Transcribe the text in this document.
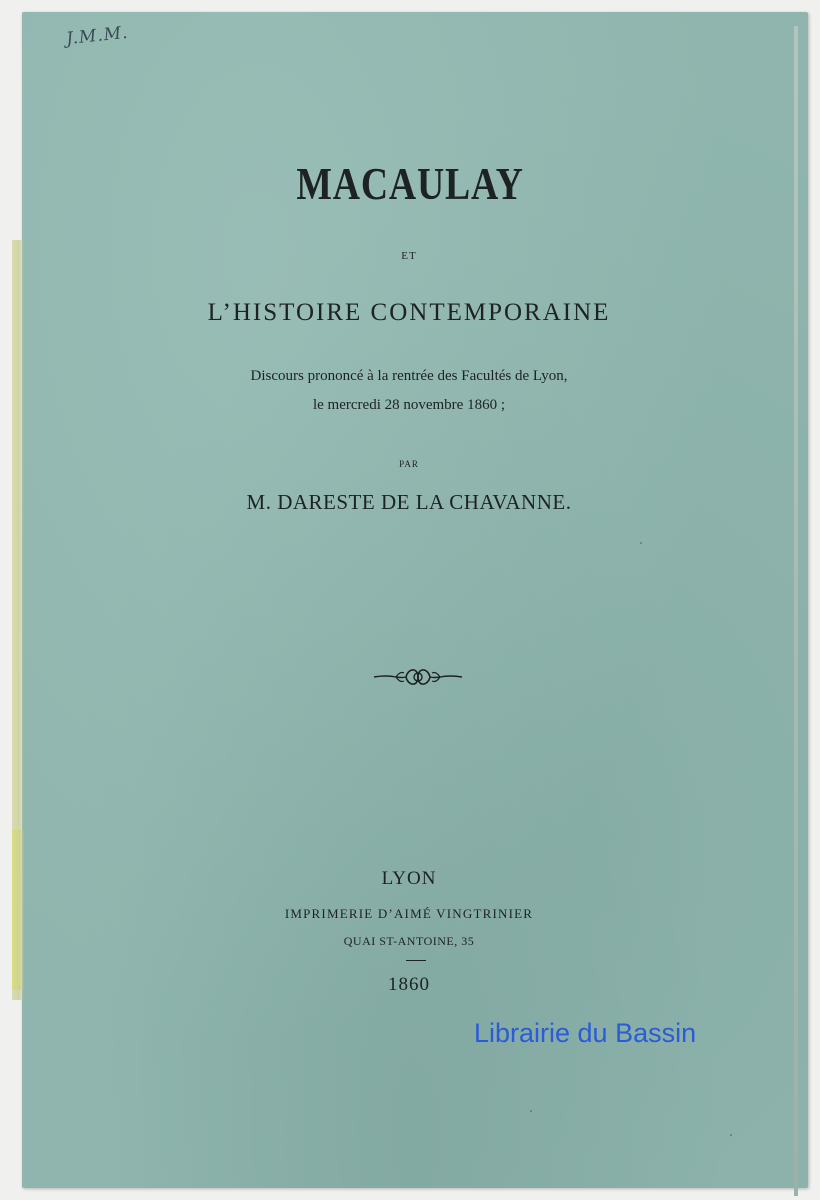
J.M.M.
MACAULAY
ET
L’HISTOIRE CONTEMPORAINE
Discours prononcé à la rentrée des Facultés de Lyon,
le mercredi 28 novembre 1860 ;
PAR
M. DARESTE DE LA CHAVANNE.
LYON
IMPRIMERIE D’AIMÉ VINGTRINIER
QUAI ST-ANTOINE, 35
1860
Librairie du Bassin
